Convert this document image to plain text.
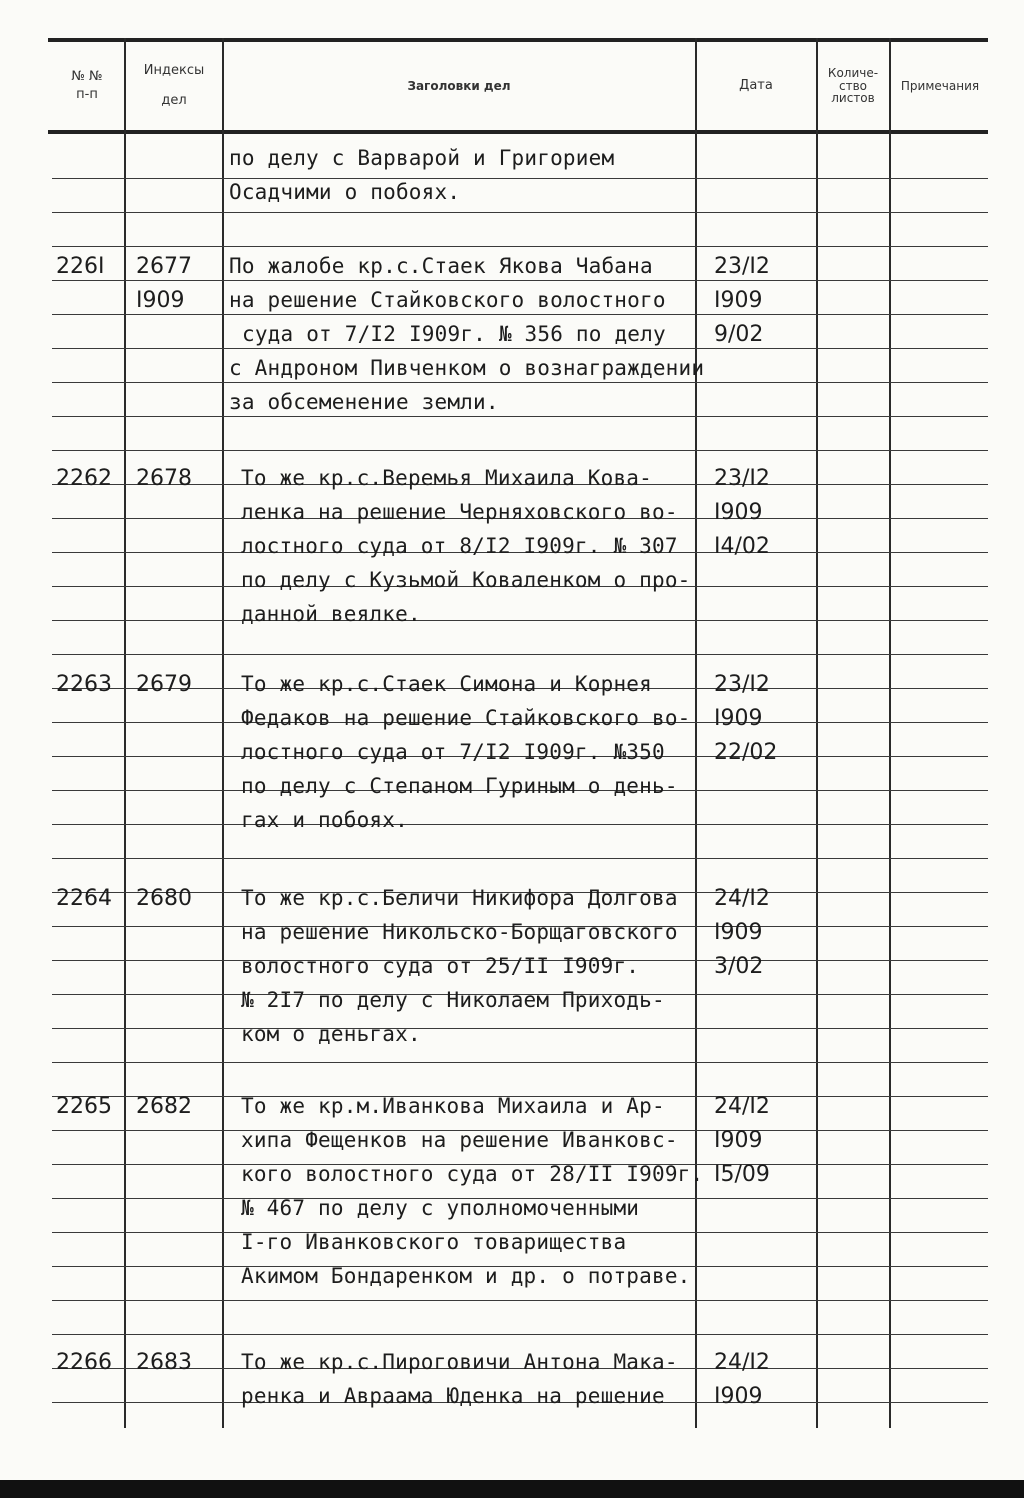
№ №
п-п
Индексы
дел
Заголовки дел	Дата
Количе-
ство
листов
Примечания
по делу с Варварой и Григорием
Осадчими о побоях.
226I 2677
I909
По жалобе кр.с.Стаек Якова Чабана
на решение Стайковского волостного
суда от 7/I2 I909г. № 356 по делу
с Андроном Пивченком о вознаграждении
за обсеменение земли.
23/I2
I909
9/02
2262 2678 То же кр.с.Веремья Михаила Кова-
ленка на решение Черняховского во-
лостного суда от 8/I2 I909г. № 307
по делу с Кузьмой Коваленком о про-
данной веялке.
23/I2
I909
I4/02
2263 2679 То же кр.с.Стаек Симона и Корнея
Федаков на решение Стайковского во-
лостного суда от 7/I2 I909г. №350
по делу с Степаном Гуриным о день-
гах и побоях.
23/I2
I909
22/02
2264 2680 То же кр.с.Беличи Никифора Долгова
на решение Никольско-Борщаговского
волостного суда от 25/II I909г.
№ 2I7 по делу с Николаем Приходь-
ком о деньгах.
24/I2
I909
3/02
2265 2682 То же кр.м.Иванкова Михаила и Ар-
хипа Фещенков на решение Иванковс-
кого волостного суда от 28/II I909г.
№ 467 по делу с уполномоченными
I-го Иванковского товарищества
Акимом Бондаренком и др. о потраве.
24/I2
I909
I5/09
2266 2683 То же кр.с.Пироговичи Антона Мака-
ренка и Авраама Юденка на решение
24/I2
I909
